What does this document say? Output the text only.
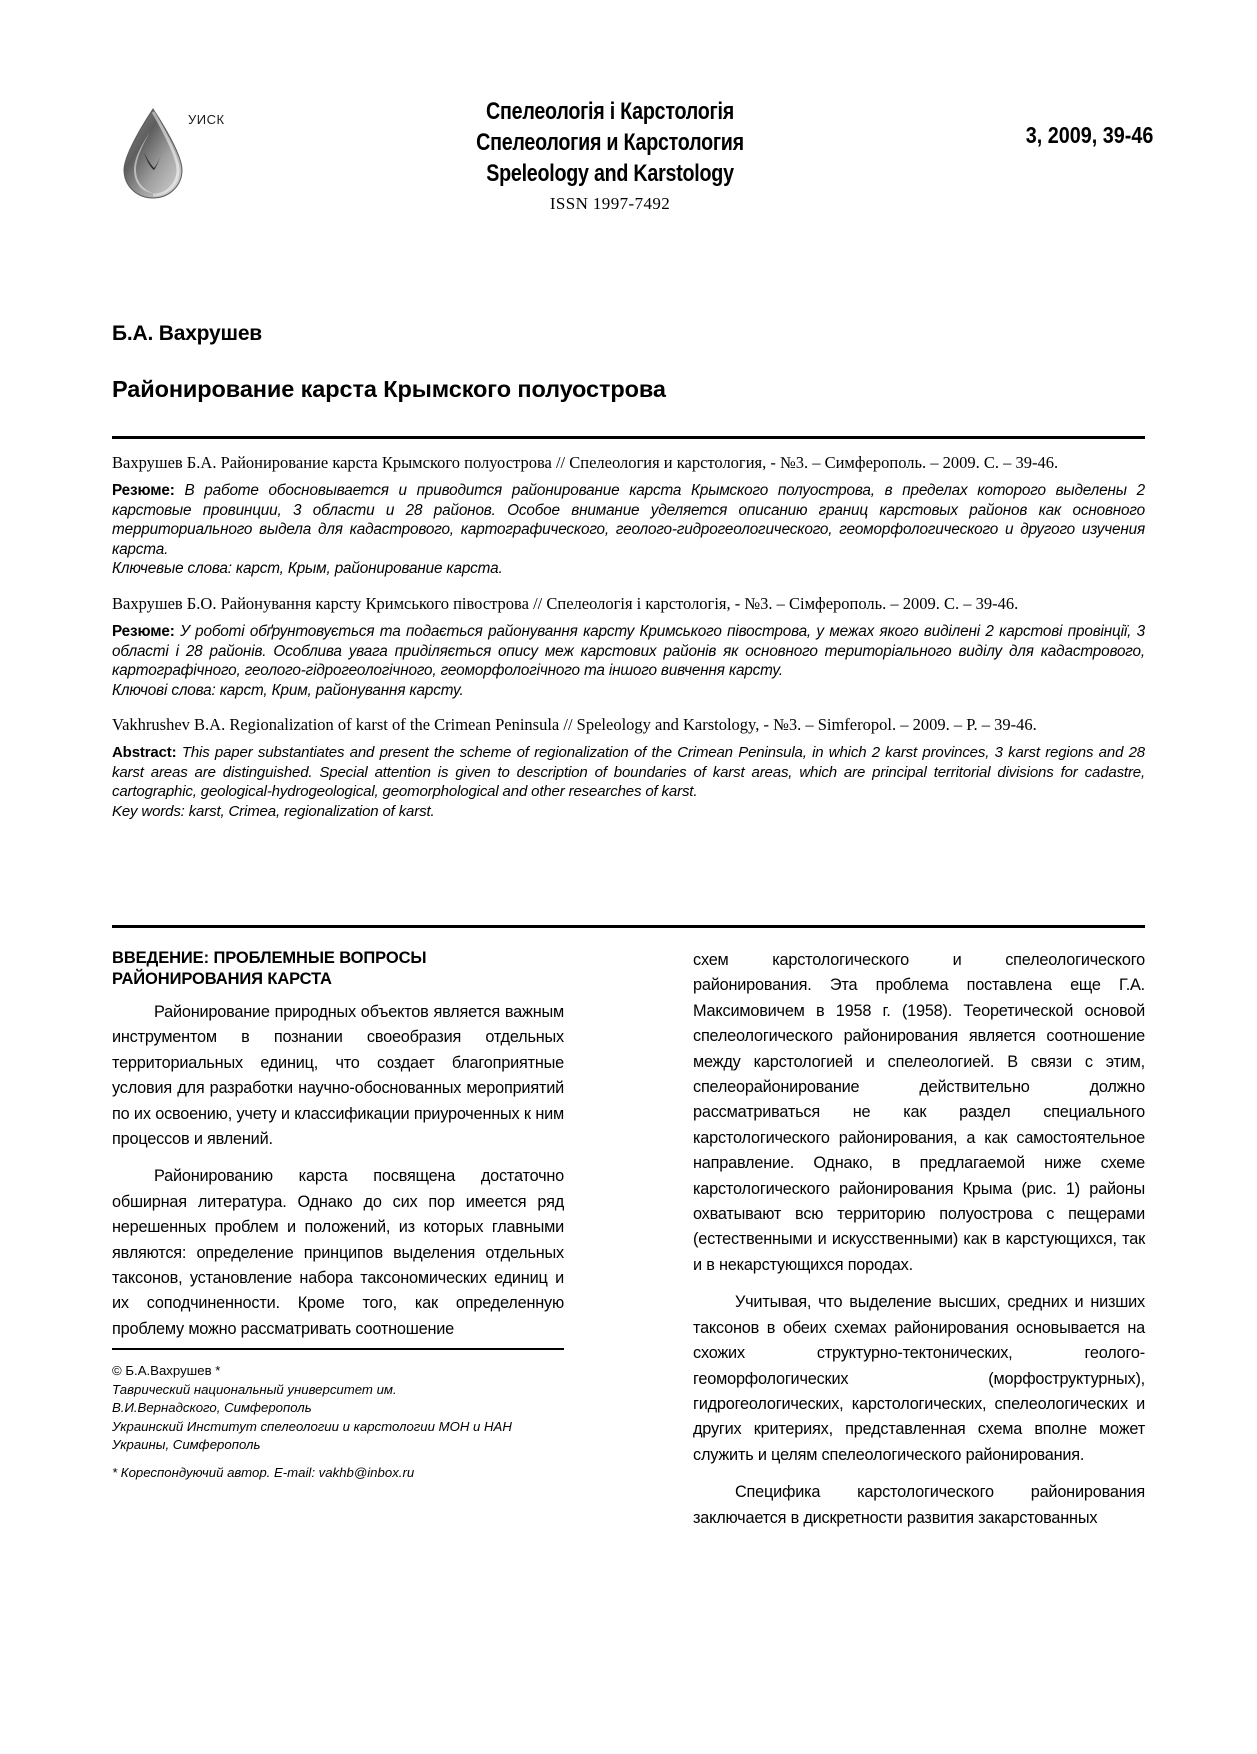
УИСК	Спелеологія і Карстологія
Спелеология и Карстология
Speleology and Karstology
ISSN 1997-7492
3, 2009, 39-46
Б.А. Вахрушев
Районирование карста Крымского полуострова

Вахрушев Б.А. Районирование карста Крымского полуострова // Спелеология и карстология, - №3. – Симферополь. – 2009. С. – 39-46.

Резюме: В работе обосновывается и приводится районирование карста Крымского полуострова, в пределах которого выделены 2 карстовые провинции, 3 области и 28 районов. Особое внимание уделяется описанию границ карстовых районов как основного территориального выдела для кадастрового, картографического, геолого-гидрогеологического, геоморфологического и другого изучения карста.

Ключевые слова: карст, Крым, районирование карста.

Вахрушев Б.О. Районування карсту Кримського півострова // Спелеологія і карстологія, - №3. – Сімферополь. – 2009. С. – 39-46.

Резюме: У роботі обґрунтовується та подається районування карсту Кримського півострова, у межах якого виділені 2 карстові провінції, 3 області і 28 районів. Особлива увага приділяється опису меж карстових районів як основного територіального виділу для кадастрового, картографічного, геолого-гідрогеологічного, геоморфологічного та іншого вивчення карсту.

Ключові слова: карст, Крим, районування карсту.

Vakhrushev B.A. Regionalization of karst of the Crimean Peninsula // Speleology and Karstology, - №3. – Simferopol. – 2009. – P. – 39-46.

Abstract: This paper substantiates and present the scheme of regionalization of the Crimean Peninsula, in which 2 karst provinces, 3 karst regions and 28 karst areas are distinguished. Special attention is given to description of boundaries of karst areas, which are principal territorial divisions for cadastre, cartographic, geological-hydrogeological, geomorphological and other researches of karst.

Key words: karst, Crimea, regionalization of karst.

ВВЕДЕНИЕ: ПРОБЛЕМНЫЕ ВОПРОСЫ РАЙОНИРОВАНИЯ КАРСТА

Районирование природных объектов является важным инструментом в познании своеобразия отдельных территориальных единиц, что создает благоприятные условия для разработки научно-обоснованных мероприятий по их освоению, учету и классификации приуроченных к ним процессов и явлений.

Районированию карста посвящена достаточно обширная литература. Однако до сих пор имеется ряд нерешенных проблем и положений, из которых главными являются: определение принципов выделения отдельных таксонов, установление набора таксономических единиц и их соподчиненности. Кроме того, как определенную проблему можно рассматривать соотношение

схем карстологического и спелеологического районирования. Эта проблема поставлена еще Г.А. Максимовичем в 1958 г. (1958). Теоретической основой спелеологического районирования является соотношение между карстологией и спелеологией. В связи с этим, спелеорайонирование действительно должно рассматриваться не как раздел специального карстологического районирования, а как самостоятельное направление. Однако, в предлагаемой ниже схеме карстологического районирования Крыма (рис. 1) районы охватывают всю территорию полуострова с пещерами (естественными и искусственными) как в карстующихся, так и в некарстующихся породах.

Учитывая, что выделение высших, средних и низших таксонов в обеих схемах районирования основывается на схожих структурно-тектонических, геолого-геоморфологических (морфоструктурных), гидрогеологических, карстологических, спелеологических и других критериях, представленная схема вполне может служить и целям спелеологического районирования.

Специфика карстологического районирования заключается в дискретности развития закарстованных

© Б.А.Вахрушев *

Таврический национальный университет им.

В.И.Вернадского, Симферополь

Украинский Институт спелеологии и карстологии МОН и НАН

Украины, Симферополь

* Кореспондуючий автор. E-mail: vakhb@inbox.ru
